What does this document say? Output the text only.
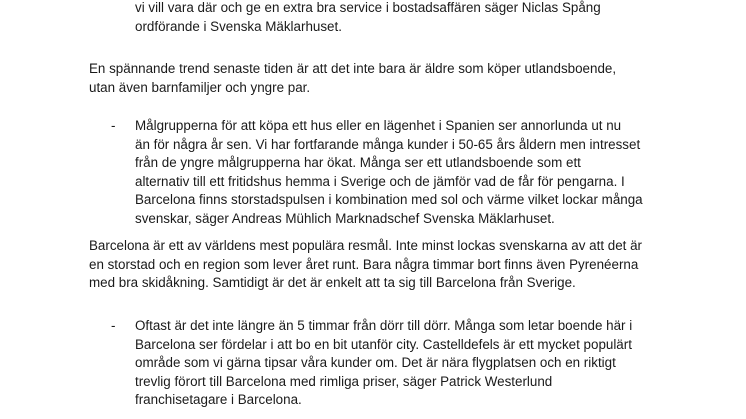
vi vill vara där och ge en extra bra service i bostadsaffären säger Niclas Spång

ordförande i Svenska Mäklarhuset.

En spännande trend senaste tiden är att det inte bara är äldre som köper utlandsboende,

utan även barnfamiljer och yngre par.

- Målgrupperna för att köpa ett hus eller en lägenhet i Spanien ser annorlunda ut nu

än för några år sen. Vi har fortfarande många kunder i 50-65 års åldern men intresset

från de yngre målgrupperna har ökat. Många ser ett utlandsboende som ett

alternativ till ett fritidshus hemma i Sverige och de jämför vad de får för pengarna. I

Barcelona finns storstadspulsen i kombination med sol och värme vilket lockar många

svenskar, säger Andreas Mühlich Marknadschef Svenska Mäklarhuset.

Barcelona är ett av världens mest populära resmål. Inte minst lockas svenskarna av att det är

en storstad och en region som lever året runt. Bara några timmar bort finns även Pyrenéerna

med bra skidåkning. Samtidigt är det är enkelt att ta sig till Barcelona från Sverige.

- Oftast är det inte längre än 5 timmar från dörr till dörr. Många som letar boende här i

Barcelona ser fördelar i att bo en bit utanför city. Castelldefels är ett mycket populärt

område som vi gärna tipsar våra kunder om. Det är nära flygplatsen och en riktigt

trevlig förort till Barcelona med rimliga priser, säger Patrick Westerlund

franchisetagare i Barcelona.
